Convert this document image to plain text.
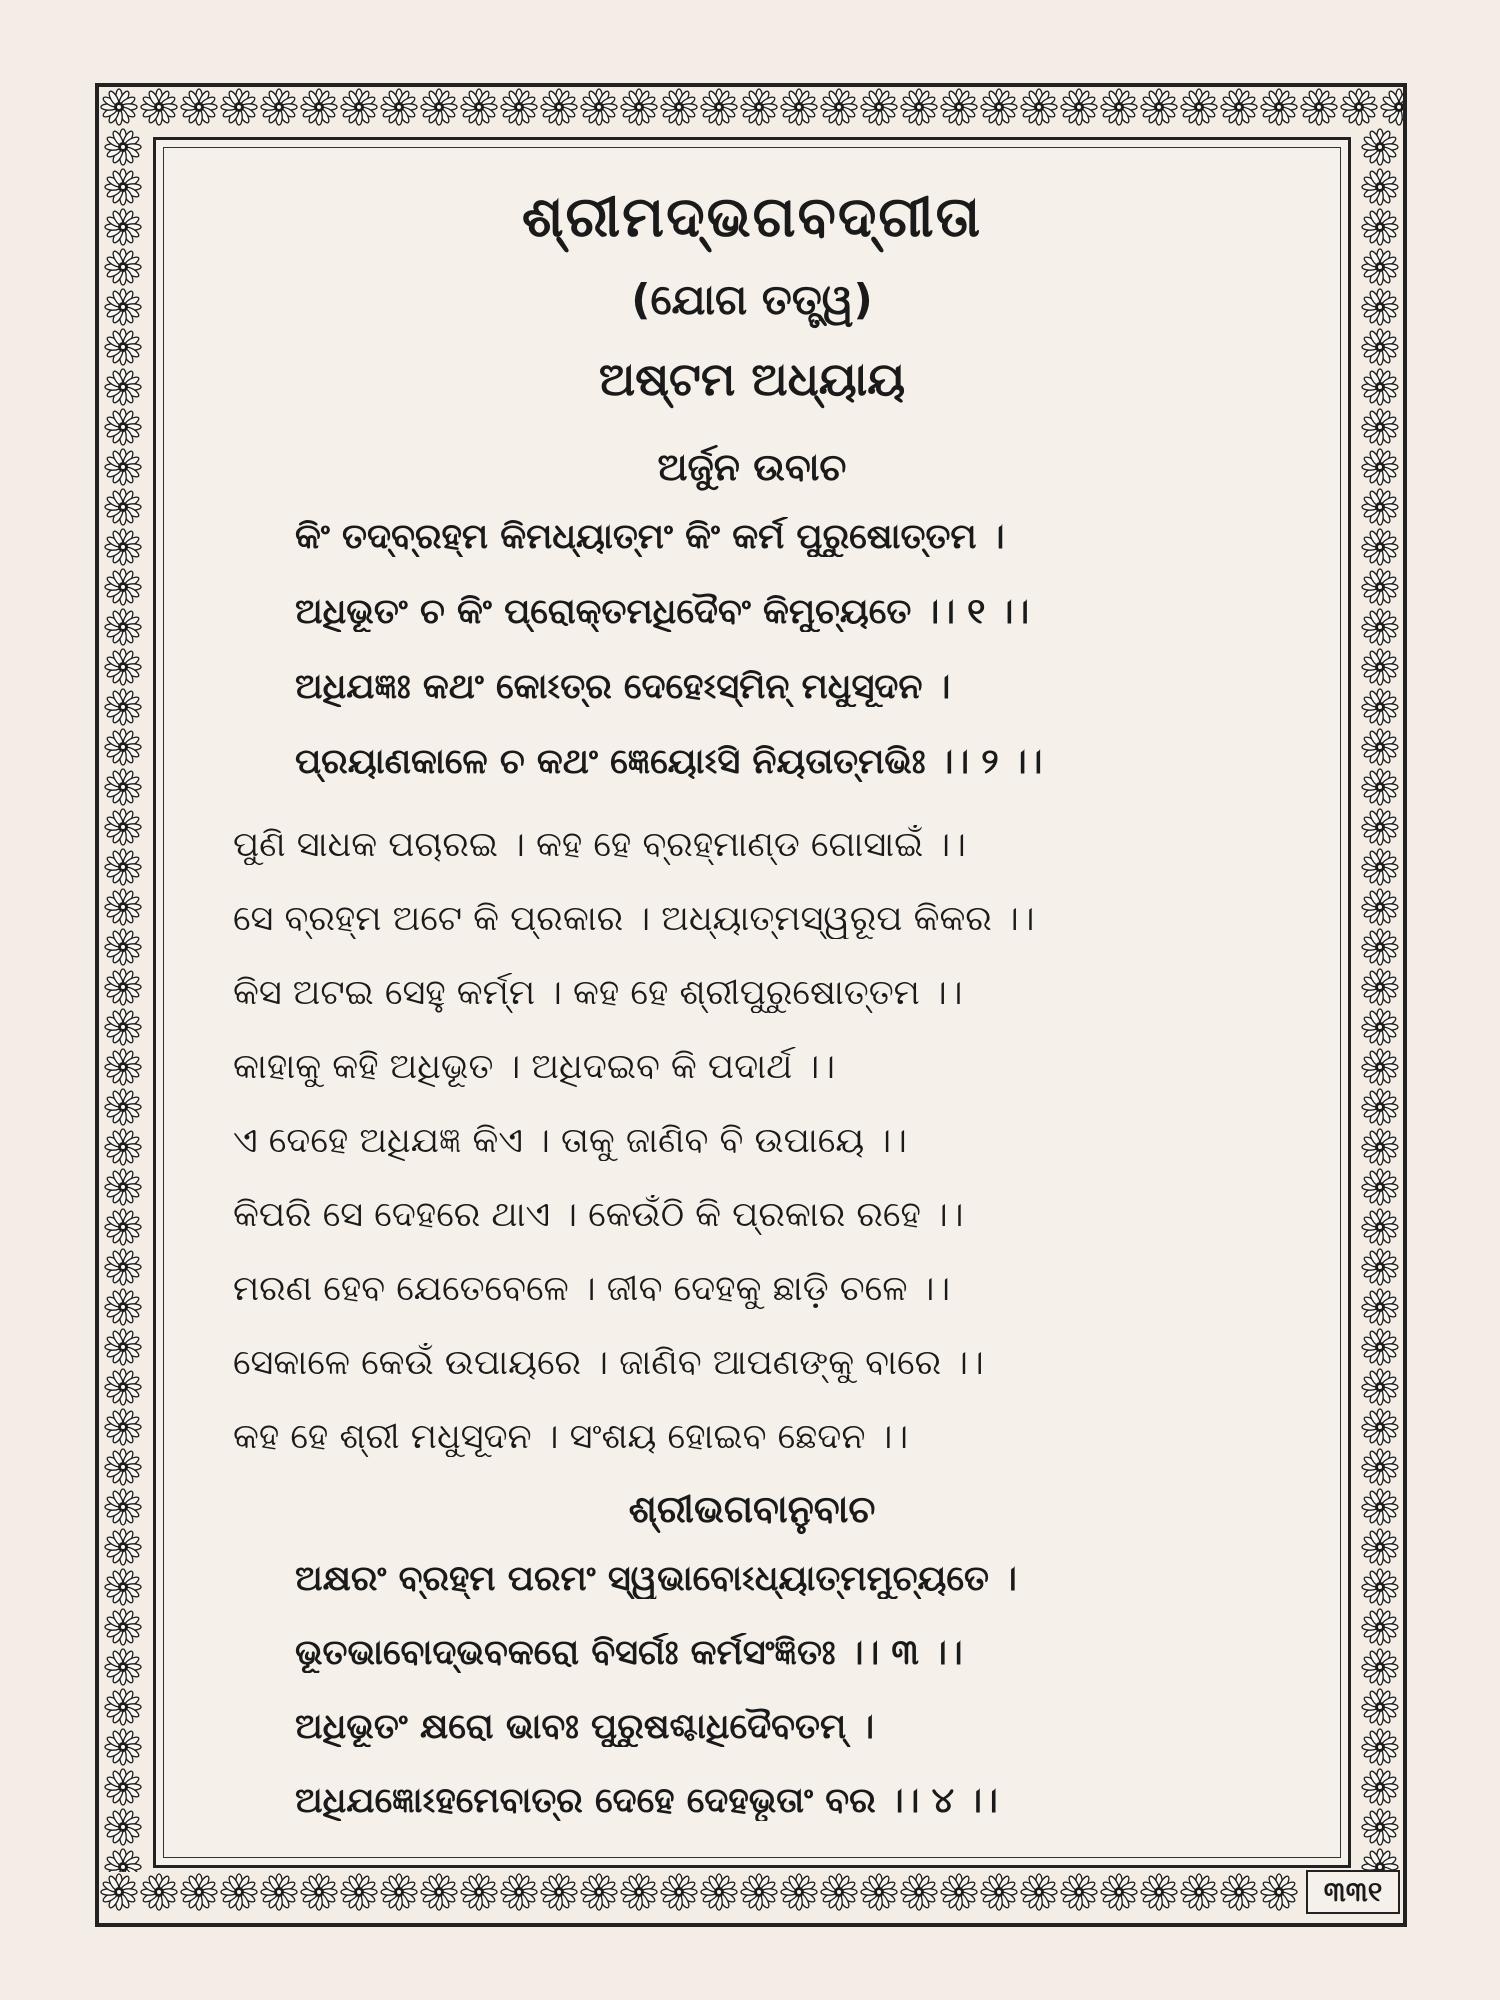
ଶ୍ରୀମଦ୍ଭଗବଦ୍‌ଗୀତା
(ଯୋଗ ତତ୍ତ୍ୱ)
ଅଷ୍ଟମ ଅଧ୍ୟାୟ
ଅର୍ଜୁନ ଉବାଚ
କିଂ ତଦ୍‌ବ୍ରହ୍ମ କିମଧ୍ୟାତ୍ମଂ କିଂ କର୍ମ ପୁରୁଷୋତ୍ତମ ।
ଅଧିଭୂତଂ ଚ କିଂ ପ୍ରୋକ୍ତମଧିଦୈବଂ କିମୁଚ୍ୟତେ ।। ୧ ।।
ଅଧିଯଜ୍ଞଃ କଥଂ କୋଽତ୍ର ଦେହେଽସ୍ମିନ୍ ମଧୁସୂଦନ ।
ପ୍ରୟାଣକାଳେ ଚ କଥଂ ଜ୍ଞେୟୋଽସି ନିୟତାତ୍ମଭିଃ ।। ୨ ।।
ପୁଣି ସାଧକ ପଚାରଇ । କହ ହେ ବ୍ରହ୍ମାଣ୍ଡ ଗୋସାଇଁ ।।
ସେ ବ୍ରହ୍ମ ଅଟେ କି ପ୍ରକାର । ଅଧ୍ୟାତ୍ମସ୍ୱରୂପ କିକର ।।
କିସ ଅଟଇ ସେହୁ କର୍ମ୍ମ । କହ ହେ ଶ୍ରୀପୁରୁଷୋତ୍ତମ ।।
କାହାକୁ କହି ଅଧିଭୂତ । ଅଧିଦଇବ କି ପଦାର୍ଥ ।।
ଏ ଦେହେ ଅଧିଯଜ୍ଞ କିଏ । ତାକୁ ଜାଣିବ ବି ଉପାୟେ ।।
କିପରି ସେ ଦେହରେ ଥାଏ । କେଉଁଠି କି ପ୍ରକାର ରହେ ।।
ମରଣ ହେବ ଯେତେବେଳେ । ଜୀବ ଦେହକୁ ଛାଡ଼ି ଚଳେ ।।
ସେକାଳେ କେଉଁ ଉପାୟରେ । ଜାଣିବ ଆପଣଙ୍କୁ ବାରେ ।।
କହ ହେ ଶ୍ରୀ ମଧୁସୂଦନ । ସଂଶୟ ହୋଇବ ଛେଦନ ।।
ଶ୍ରୀଭଗବାନୁବାଚ
ଅକ୍ଷରଂ ବ୍ରହ୍ମ ପରମଂ ସ୍ୱଭାବୋଽଧ୍ୟାତ୍ମମୁଚ୍ୟତେ ।
ଭୂତଭାବୋଦ୍ଭବକରୋ ବିସର୍ଗଃ କର୍ମସଂଜ୍ଞିତଃ ।। ୩ ।।
ଅଧିଭୂତଂ କ୍ଷରୋ ଭାବଃ ପୁରୁଷଶ୍ଚାଧିଦୈବତମ୍ ।
ଅଧିଯଜ୍ଞୋଽହମେବାତ୍ର ଦେହେ ଦେହଭୃତାଂ ବର ।। ୪ ।।
୩୩୧
